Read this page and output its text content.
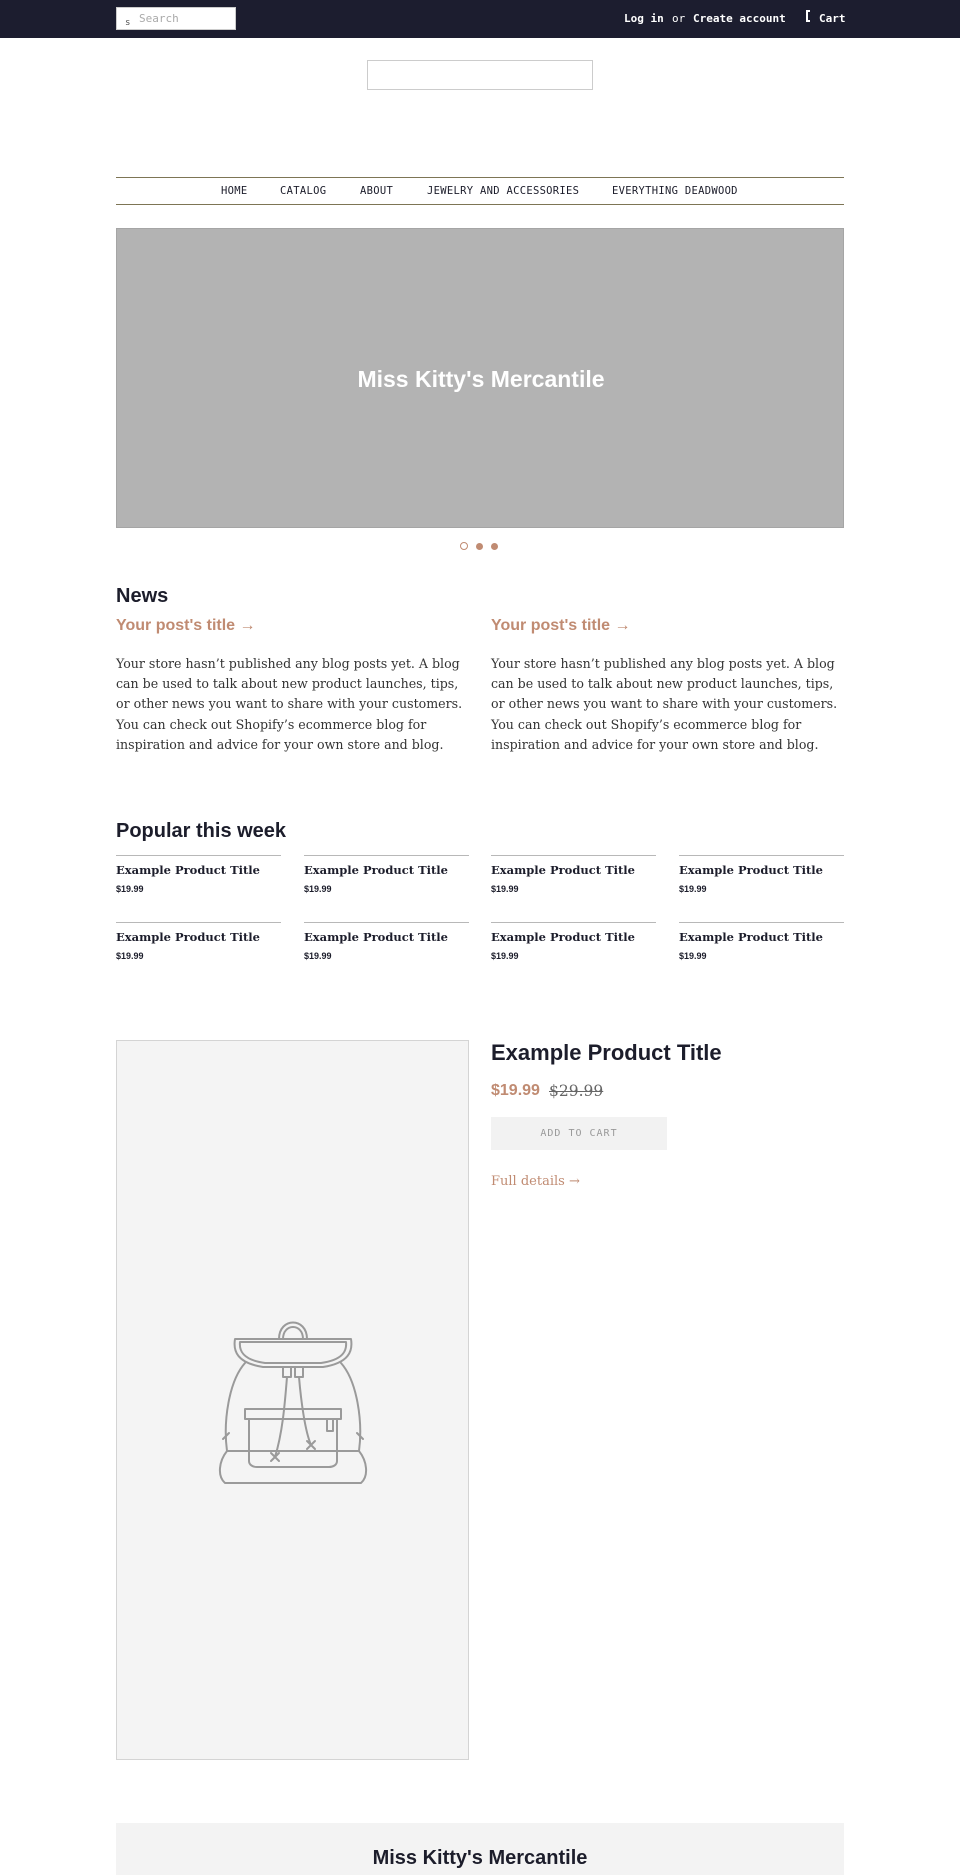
s
Search	Log in or Create account	Cart
HOME	CATALOG	ABOUT	JEWELRY AND ACCESSORIES	EVERYTHING DEADWOOD
Miss Kitty's Mercantile
News
Your post's title →
Your store hasn’t published any blog posts yet. A blog can be used to talk about new product launches, tips, or other news you want to share with your customers. You can check out Shopify’s ecommerce blog for inspiration and advice for your own store and blog.
Your post's title →
Your store hasn’t published any blog posts yet. A blog can be used to talk about new product launches, tips, or other news you want to share with your customers. You can check out Shopify’s ecommerce blog for inspiration and advice for your own store and blog.
Popular this week
Example Product Title
$19.99
Example Product Title
$19.99
Example Product Title
$19.99
Example Product Title
$19.99
Example Product Title
$19.99
Example Product Title
$19.99
Example Product Title
$19.99
Example Product Title
$19.99
Example Product Title
$19.99 $29.99
ADD TO CART
Full details →
Miss Kitty's Mercantile
